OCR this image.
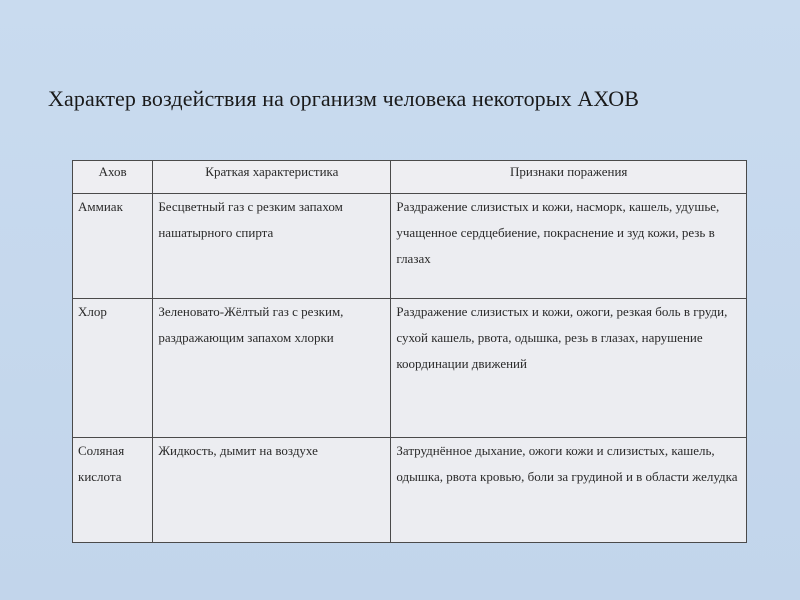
Характер воздействия на организм человека некоторых АХОВ
Ахов	Краткая характеристика	Признаки поражения
Аммиак	Бесцветный газ с резким запахом нашатырного спирта	Раздражение слизистых и кожи, насморк, кашель, удушье, учащенное сердцебиение, покраснение и зуд кожи, резь в глазах
Хлор	Зеленовато-Жёлтый газ с резким, раздражающим запахом хлорки	Раздражение слизистых и кожи, ожоги, резкая боль в груди, сухой кашель, рвота, одышка, резь в глазах, нарушение координации движений
Соляная кислота	Жидкость, дымит на воздухе	Затруднённое дыхание, ожоги кожи и слизистых, кашель, одышка, рвота кровью, боли за грудиной и в области желудка
